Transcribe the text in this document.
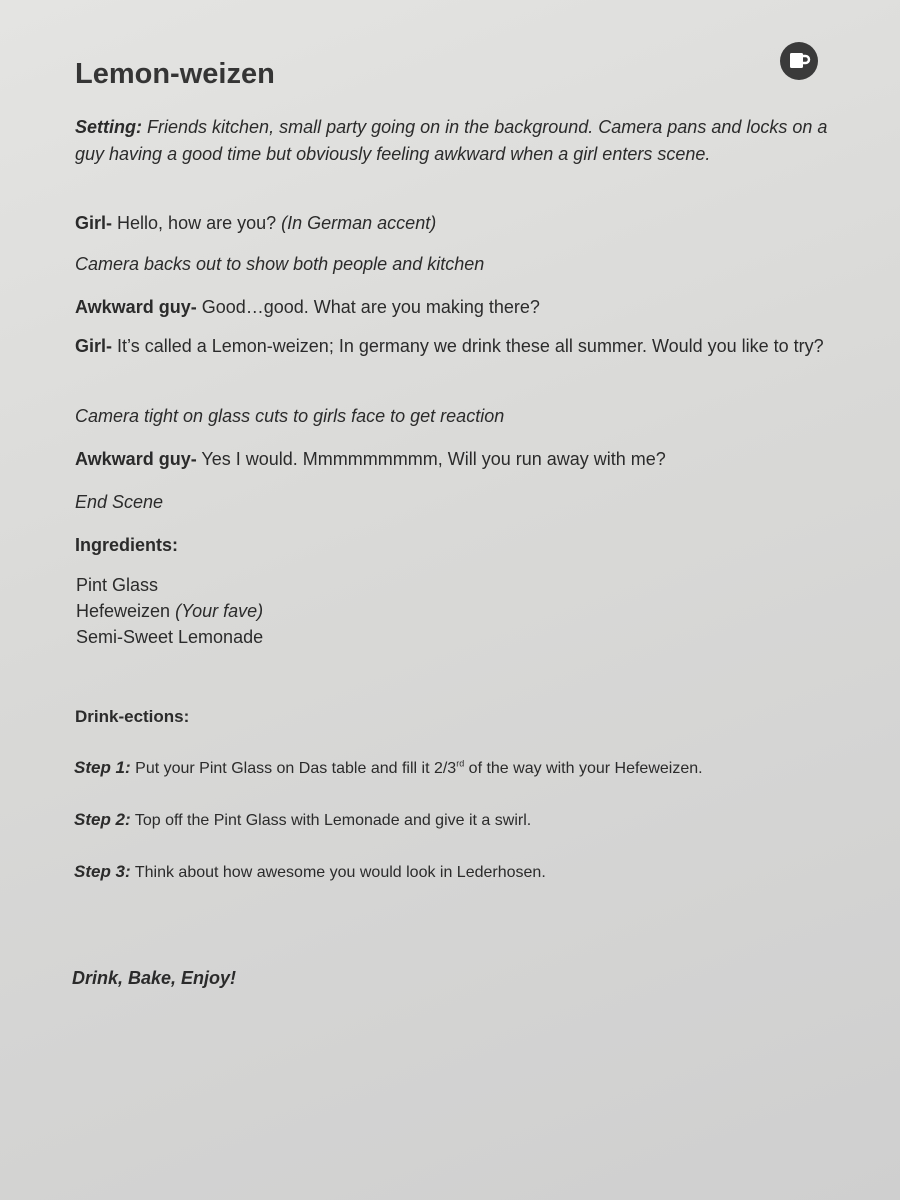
Lemon-weizen

Setting: Friends kitchen, small party going on in the background. Camera pans and locks on a guy having a good time but obviously feeling awkward when a girl enters scene.

Girl- Hello, how are you? (In German accent)

Camera backs out to show both people and kitchen

Awkward guy- Good…good. What are you making there?

Girl- It’s called a Lemon-weizen; In germany we drink these all summer. Would you like to try?

Camera tight on glass cuts to girls face to get reaction

Awkward guy- Yes I would. Mmmmmmmmm, Will you run away with me?

End Scene

Ingredients:

Pint Glass
Hefeweizen (Your fave)
Semi-Sweet Lemonade

Drink-ections:

Step 1: Put your Pint Glass on Das table and fill it 2/3rd of the way with your Hefeweizen.
Step 2: Top off the Pint Glass with Lemonade and give it a swirl.
Step 3: Think about how awesome you would look in Lederhosen.
Drink, Bake, Enjoy!
